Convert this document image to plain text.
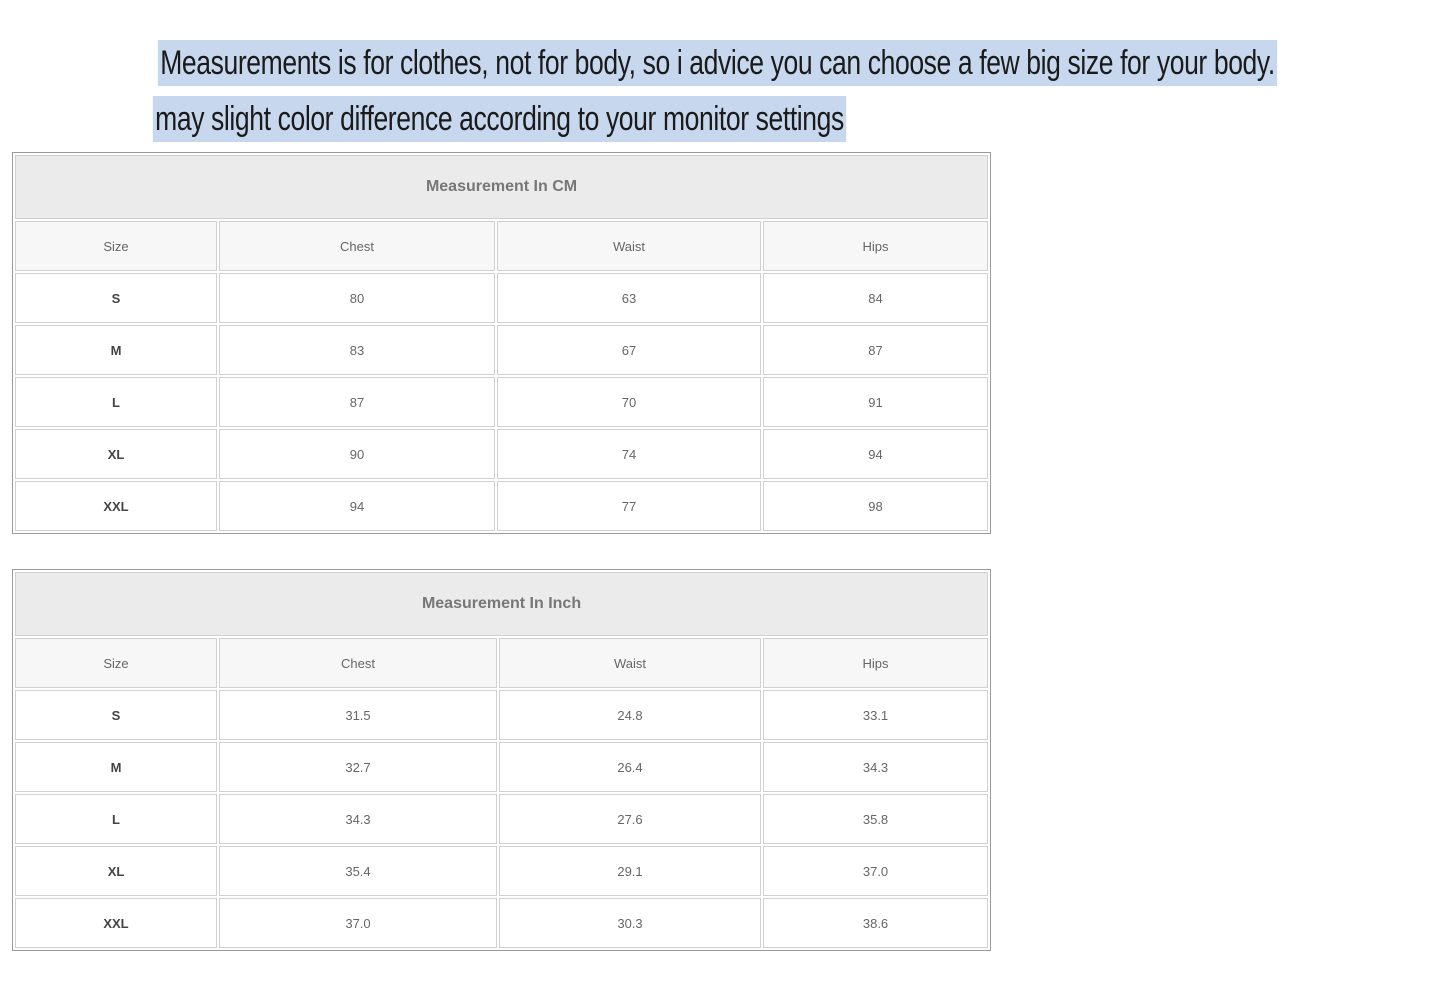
Measurements is for clothes, not for body, so i advice you can choose a few big size for your body.
may slight color difference according to your monitor settings
Measurement In CM			
Size	Chest	Waist	Hips
S	80	63	84
M	83	67	87
L	87	70	91
XL	90	74	94
XXL	94	77	98
Measurement In Inch			
Size	Chest	Waist	Hips
S	31.5	24.8	33.1
M	32.7	26.4	34.3
L	34.3	27.6	35.8
XL	35.4	29.1	37.0
XXL	37.0	30.3	38.6
